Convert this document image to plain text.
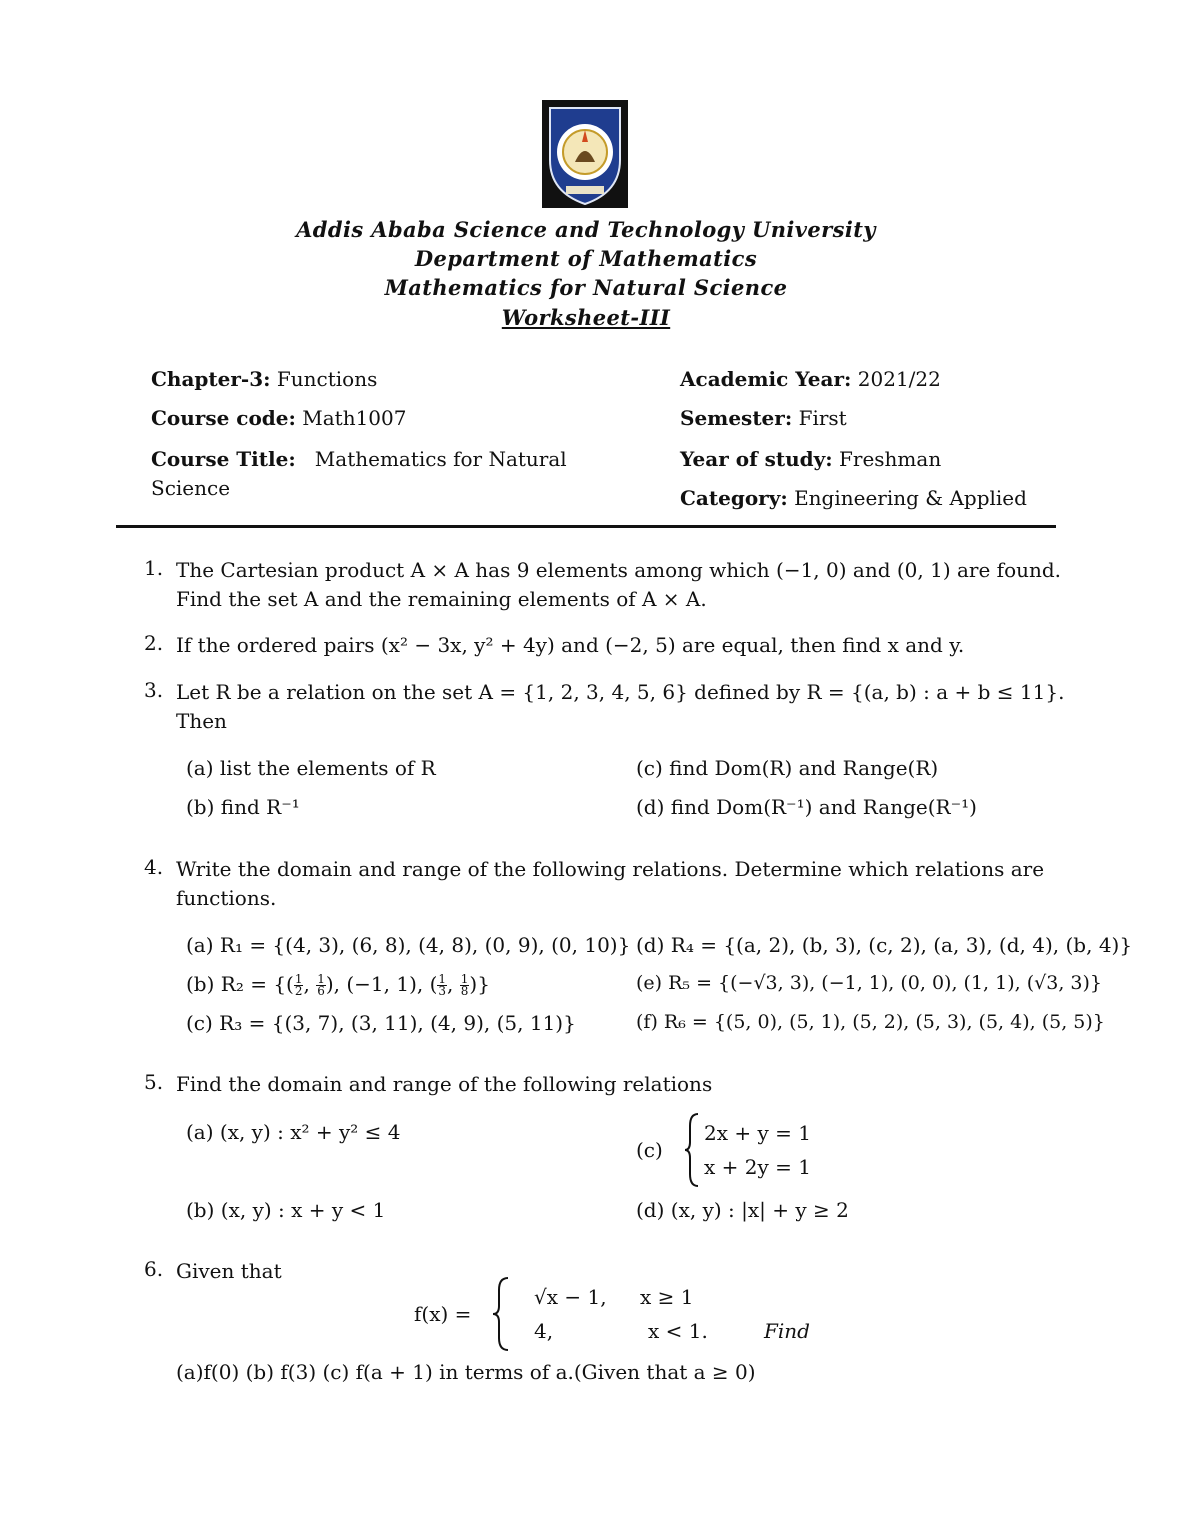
Addis Ababa Science and Technology University
Department of Mathematics
Mathematics for Natural Science
Worksheet-III
Chapter-3: Functions
Course code: Math1007
Course Title: Mathematics for Natural
Science
Academic Year: 2021/22
Semester: First
Year of study: Freshman
Category: Engineering & Applied
1. The Cartesian product A × A has 9 elements among which (−1, 0) and (0, 1) are found.
Find the set A and the remaining elements of A × A.
2. If the ordered pairs (x² − 3x, y² + 4y) and (−2, 5) are equal, then find x and y.
3. Let R be a relation on the set A = {1, 2, 3, 4, 5, 6} defined by R = {(a, b) : a + b ≤ 11}.
Then
(a) list the elements of R
(b) find R⁻¹
(c) find Dom(R) and Range(R)
(d) find Dom(R⁻¹) and Range(R⁻¹)
4. Write the domain and range of the following relations. Determine which relations are
functions.
(a) R₁ = {(4, 3), (6, 8), (4, 8), (0, 9), (0, 10)}
(b) R₂ = {( $\frac{1}{2}$ , $\frac{1}{6}$ ), (−1, 1), ( $\frac{1}{3}$ , $\frac{1}{8}$ )}
(c) R₃ = {(3, 7), (3, 11), (4, 9), (5, 11)}
(d) R₄ = {(a, 2), (b, 3), (c, 2), (a, 3), (d, 4), (b, 4)}
(e) R₅ = {(−√3, 3), (−1, 1), (0, 0), (1, 1), (√3, 3)}
(f) R₆ = {(5, 0), (5, 1), (5, 2), (5, 3), (5, 4), (5, 5)}
5. Find the domain and range of the following relations
(a) (x, y) : x² + y² ≤ 4
(b) (x, y) : x + y < 1
(c)
2x + y = 1
x + 2y = 1
(d) (x, y) : |x| + y ≥ 2
6. Given that
f(x) =
√x − 1, x ≥ 1
4,	x < 1.	Find
(a)f(0) (b) f(3) (c) f(a + 1) in terms of a.(Given that a ≥ 0)
